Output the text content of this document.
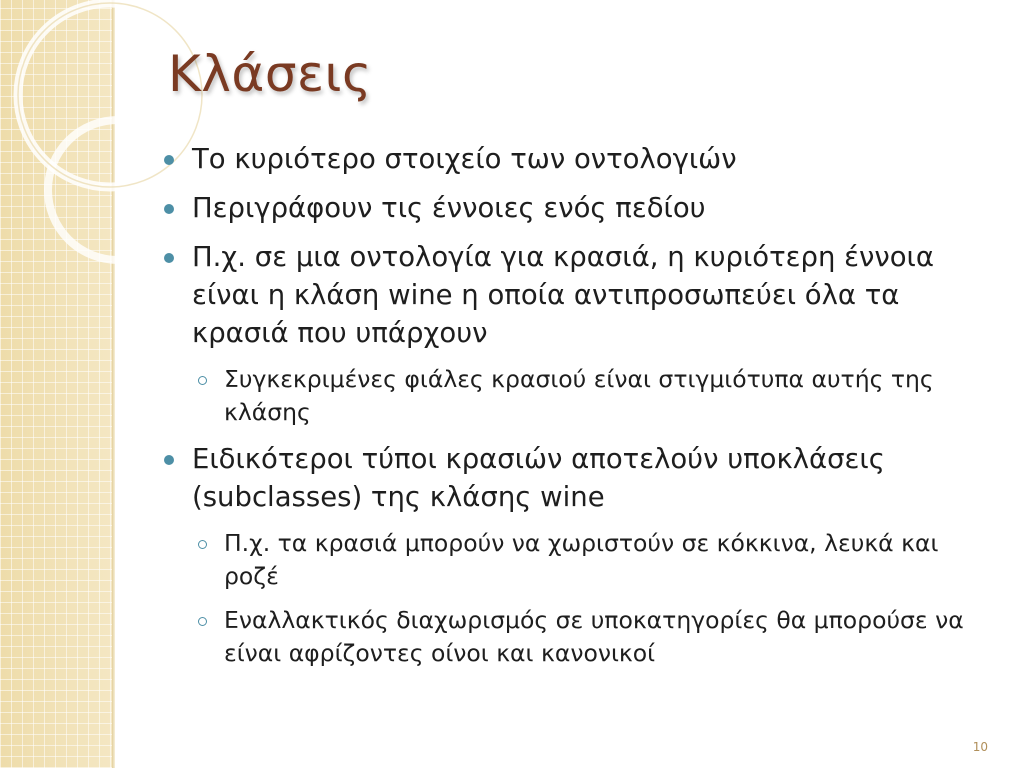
Κλάσεις
Το κυριότερο στοιχείο των οντολογιών
Περιγράφουν τις έννοιες ενός πεδίου
Π.χ. σε μια οντολογία για κρασιά, η κυριότερη έννοια είναι η κλάση wine η οποία αντιπροσωπεύει όλα τα κρασιά που υπάρχουν
Συγκεκριμένες φιάλες κρασιού είναι στιγμιότυπα αυτής της κλάσης
Ειδικότεροι τύποι κρασιών αποτελούν υποκλάσεις (subclasses) της κλάσης wine
Π.χ. τα κρασιά μπορούν να χωριστούν σε κόκκινα, λευκά και ροζέ
Εναλλακτικός διαχωρισμός σε υποκατηγορίες θα μπορούσε να είναι αφρίζοντες οίνοι και κανονικοί
10
